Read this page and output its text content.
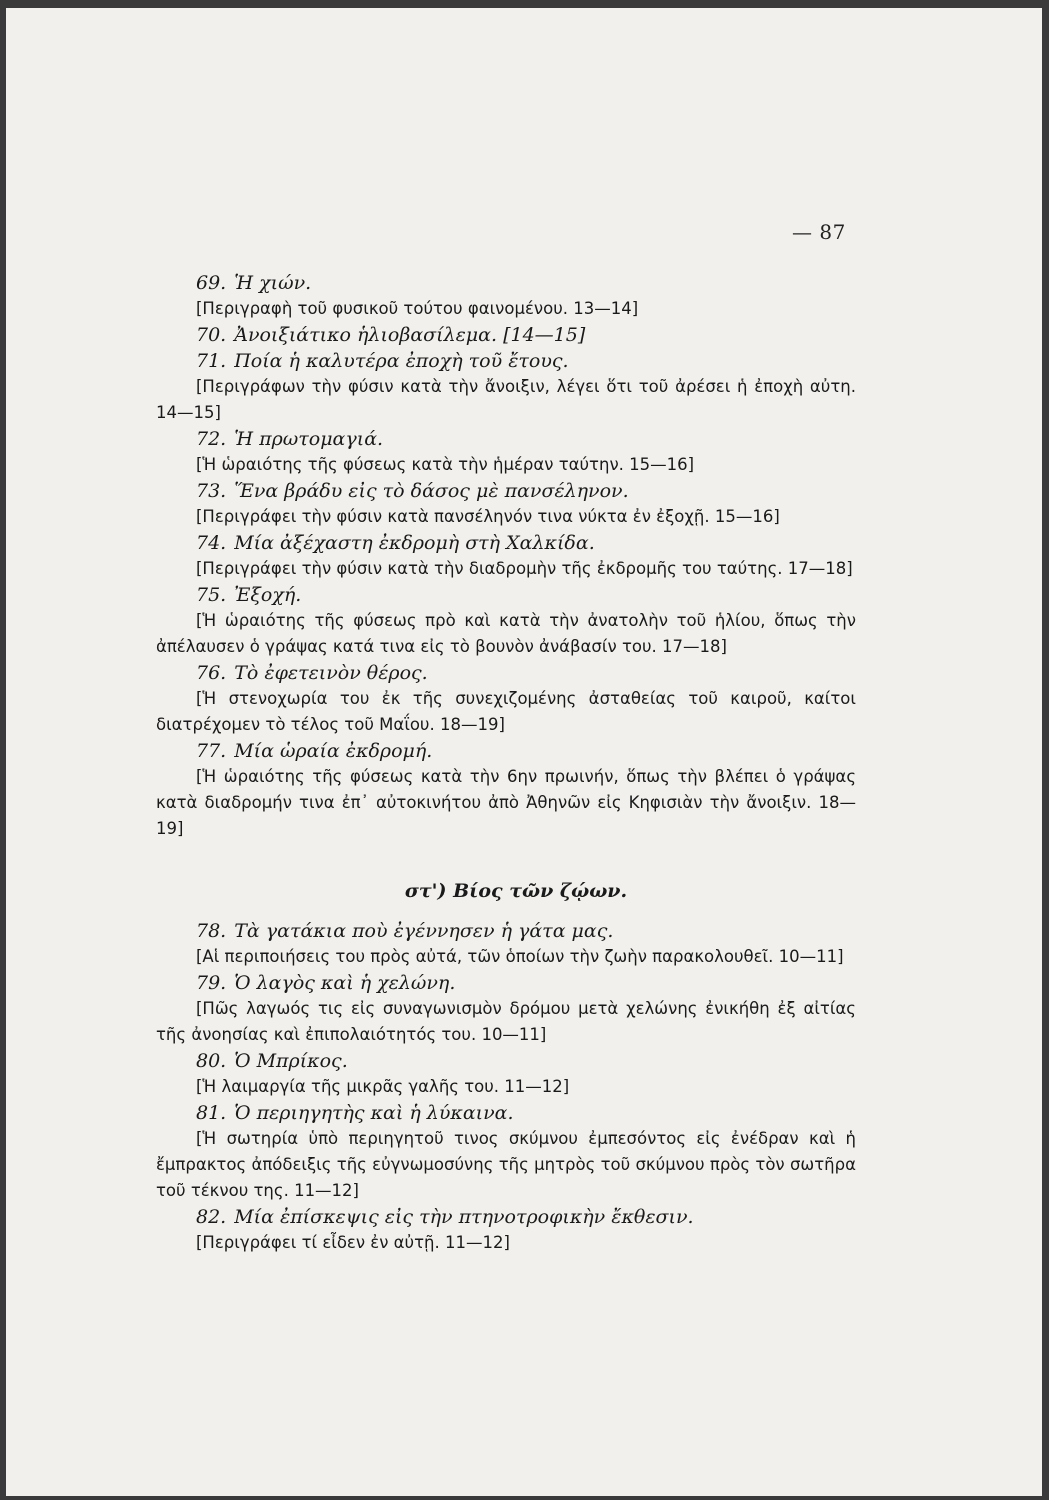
— 87
69. Ἡ χιών.
[Περιγραφὴ τοῦ φυσικοῦ τούτου φαινομένου. 13—14]
70. Ἀνοιξιάτικο ἡλιοβασίλεμα. [14—15]
71. Ποία ἡ καλυτέρα ἐποχὴ τοῦ ἔτους.
[Περιγράφων τὴν φύσιν κατὰ τὴν ἄνοιξιν, λέγει ὅτι τοῦ ἀρέσει ἡ ἐποχὴ αὐτη. 14—15]
72. Ἡ πρωτομαγιά.
[Ἡ ὡραιότης τῆς φύσεως κατὰ τὴν ἡμέραν ταύτην. 15—16]
73. Ἕνα βράδυ εἰς τὸ δάσος μὲ πανσέληνον.
[Περιγράφει τὴν φύσιν κατὰ πανσέληνόν τινα νύκτα ἐν ἐξοχῇ. 15—16]
74. Μία ἀξέχαστη ἐκδρομὴ στὴ Χαλκίδα.
[Περιγράφει τὴν φύσιν κατὰ τὴν διαδρομὴν τῆς ἐκδρομῆς του ταύτης. 17—18]
75. Ἐξοχή.
[Ἡ ὡραιότης τῆς φύσεως πρὸ καὶ κατὰ τὴν ἀνατολὴν τοῦ ἡλίου, ὅπως τὴν ἀπέλαυσεν ὁ γράψας κατά τινα εἰς τὸ βουνὸν ἀνάβασίν του. 17—18]
76. Τὸ ἐφετεινὸν θέρος.
[Ἡ στενοχωρία του ἐκ τῆς συνεχιζομένης ἀσταθείας τοῦ καιροῦ, καίτοι διατρέχομεν τὸ τέλος τοῦ Μαΐου. 18—19]
77. Μία ὡραία ἐκδρομή.
[Ἡ ὡραιότης τῆς φύσεως κατὰ τὴν 6ην πρωινήν, ὅπως τὴν βλέπει ὁ γράψας κατὰ διαδρομήν τινα ἐπ᾽ αὐτοκινήτου ἀπὸ Ἀθηνῶν εἰς Κηφισιὰν τὴν ἄνοιξιν. 18—19]
στ') Βίος τῶν ζῴων.
78. Τὰ γατάκια ποὺ ἐγέννησεν ἡ γάτα μας.
[Αἱ περιποιήσεις του πρὸς αὐτά, τῶν ὁποίων τὴν ζωὴν παρακολουθεῖ. 10—11]
79. Ὁ λαγὸς καὶ ἡ χελώνη.
[Πῶς λαγωός τις εἰς συναγωνισμὸν δρόμου μετὰ χελώνης ἐνικήθη ἐξ αἰτίας τῆς ἀνοησίας καὶ ἐπιπολαιότητός του. 10—11]
80. Ὁ Μπρίκος.
[Ἡ λαιμαργία τῆς μικρᾶς γαλῆς του. 11—12]
81. Ὁ περιηγητὴς καὶ ἡ λύκαινα.
[Ἡ σωτηρία ὑπὸ περιηγητοῦ τινος σκύμνου ἐμπεσόντος εἰς ἐνέδραν καὶ ἡ ἔμπρακτος ἀπόδειξις τῆς εὐγνωμοσύνης τῆς μητρὸς τοῦ σκύμνου πρὸς τὸν σωτῆρα τοῦ τέκνου της. 11—12]
82. Μία ἐπίσκεψις εἰς τὴν πτηνοτροφικὴν ἔκθεσιν.
[Περιγράφει τί εἶδεν ἐν αὐτῇ. 11—12]
